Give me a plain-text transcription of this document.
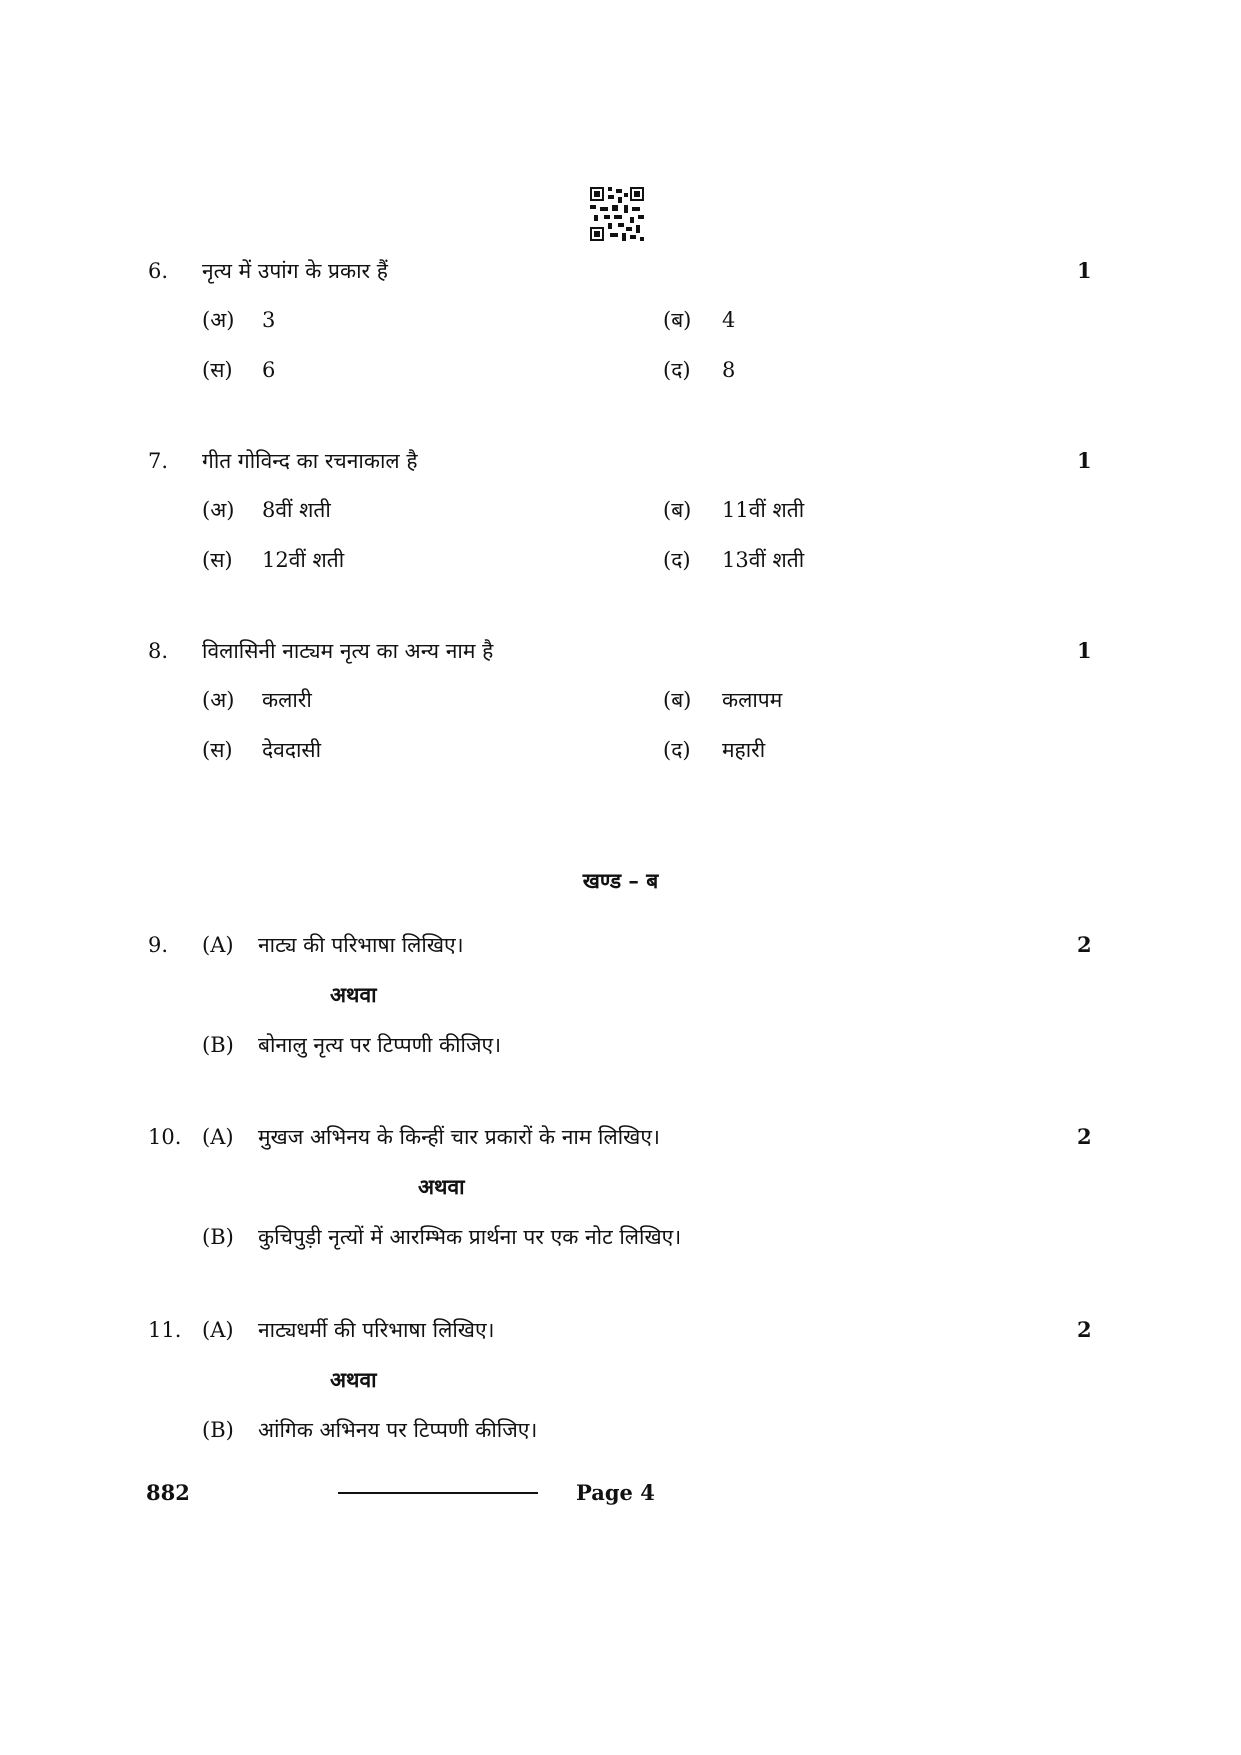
6. नृत्य में उपांग के प्रकार हैं	1
(अ) 3	(ब) 4
(स) 6	(द) 8
7. गीत गोविन्द का रचनाकाल है	1
(अ) 8वीं शती	(ब) 11वीं शती
(स) 12वीं शती	(द) 13वीं शती
8. विलासिनी नाट्यम नृत्य का अन्य नाम है	1
(अ) कलारी	(ब) कलापम
(स) देवदासी	(द) महारी
खण्ड – ब
9. (A) नाट्य की परिभाषा लिखिए।	2
अथवा
(B) बोनालु नृत्य पर टिप्पणी कीजिए।
10. (A) मुखज अभिनय के किन्हीं चार प्रकारों के नाम लिखिए।	2
अथवा
(B) कुचिपुड़ी नृत्यों में आरम्भिक प्रार्थना पर एक नोट लिखिए।
11. (A) नाट्यधर्मी की परिभाषा लिखिए।	2
अथवा
(B) आंगिक अभिनय पर टिप्पणी कीजिए।
882	Page 4
